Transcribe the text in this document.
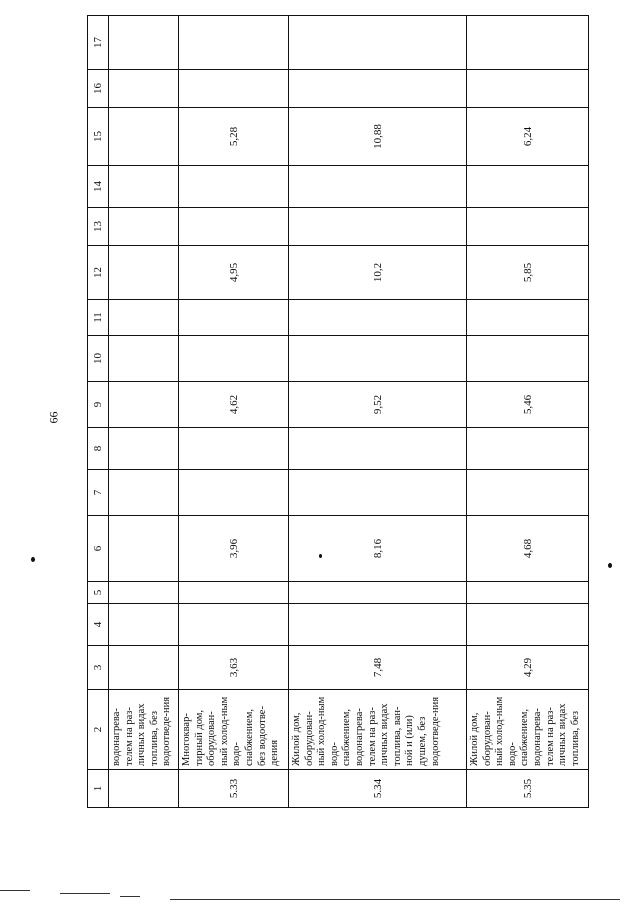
66
1	2	3	4	5	6	7	8	9	10	11	12	13	14	15	16	17
	водонагрева-телем на раз-личных видах топлива, без водоотведе-ния															
5.33	Многоквар-тирный дом, оборудован-ный холод-ным водо-снабжением, без водоотве-дения	3,63			3,96			4,62			4,95			5,28		
5.34	Жилой дом, оборудован-ный холод-ным водо-снабжением, водонагрева-телем на раз-личных видах топлива, ван-ной и (или) душем, без водоотведе-ния	7,48			8,16			9,52			10,2			10,88		
5.35	Жилой дом, оборудован-ный холод-ным водо-снабжением, водонагрева-телем на раз-личных видах топлива, без	4,29			4,68			5,46			5,85			6,24		
